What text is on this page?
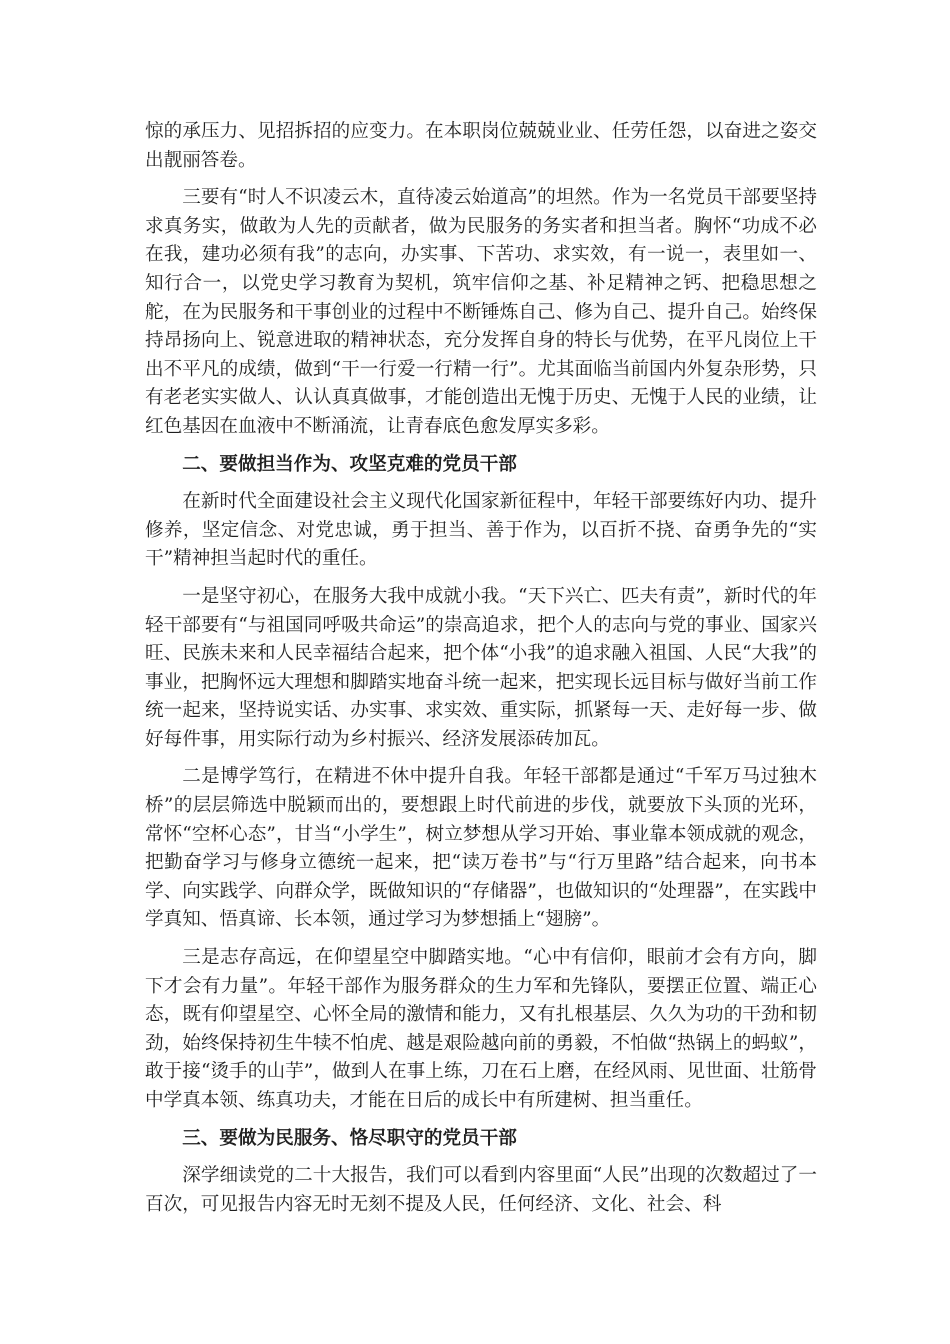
惊的承压力、见招拆招的应变力。在本职岗位兢兢业业、任劳任怨，以奋进之姿交出靓丽答卷。

三要有“时人不识凌云木，直待凌云始道高”的坦然。作为一名党员干部要坚持求真务实，做敢为人先的贡献者，做为民服务的务实者和担当者。胸怀“功成不必在我，建功必须有我”的志向，办实事、下苦功、求实效，有一说一，表里如一、知行合一，以党史学习教育为契机，筑牢信仰之基、补足精神之钙、把稳思想之舵，在为民服务和干事创业的过程中不断锤炼自己、修为自己、提升自己。始终保持昂扬向上、锐意进取的精神状态，充分发挥自身的特长与优势，在平凡岗位上干出不平凡的成绩，做到“干一行爱一行精一行”。尤其面临当前国内外复杂形势，只有老老实实做人、认认真真做事，才能创造出无愧于历史、无愧于人民的业绩，让红色基因在血液中不断涌流，让青春底色愈发厚实多彩。

二、要做担当作为、攻坚克难的党员干部

在新时代全面建设社会主义现代化国家新征程中，年轻干部要练好内功、提升修养，坚定信念、对党忠诚，勇于担当、善于作为，以百折不挠、奋勇争先的“实干”精神担当起时代的重任。

一是坚守初心，在服务大我中成就小我。“天下兴亡、匹夫有责”，新时代的年轻干部要有“与祖国同呼吸共命运”的崇高追求，把个人的志向与党的事业、国家兴旺、民族未来和人民幸福结合起来，把个体“小我”的追求融入祖国、人民“大我”的事业，把胸怀远大理想和脚踏实地奋斗统一起来，把实现长远目标与做好当前工作统一起来，坚持说实话、办实事、求实效、重实际，抓紧每一天、走好每一步、做好每件事，用实际行动为乡村振兴、经济发展添砖加瓦。

二是博学笃行，在精进不休中提升自我。年轻干部都是通过“千军万马过独木桥”的层层筛选中脱颖而出的，要想跟上时代前进的步伐，就要放下头顶的光环，常怀“空杯心态”，甘当“小学生”，树立梦想从学习开始、事业靠本领成就的观念，把勤奋学习与修身立德统一起来，把“读万卷书”与“行万里路”结合起来，向书本学、向实践学、向群众学，既做知识的“存储器”，也做知识的“处理器”，在实践中学真知、悟真谛、长本领，通过学习为梦想插上“翅膀”。

三是志存高远，在仰望星空中脚踏实地。“心中有信仰，眼前才会有方向，脚下才会有力量”。年轻干部作为服务群众的生力军和先锋队，要摆正位置、端正心态，既有仰望星空、心怀全局的激情和能力，又有扎根基层、久久为功的干劲和韧劲，始终保持初生牛犊不怕虎、越是艰险越向前的勇毅，不怕做“热锅上的蚂蚁”，敢于接“烫手的山芋”，做到人在事上练，刀在石上磨，在经风雨、见世面、壮筋骨中学真本领、练真功夫，才能在日后的成长中有所建树、担当重任。

三、要做为民服务、恪尽职守的党员干部

深学细读党的二十大报告，我们可以看到内容里面“人民”出现的次数超过了一百次，可见报告内容无时无刻不提及人民，任何经济、文化、社会、科
